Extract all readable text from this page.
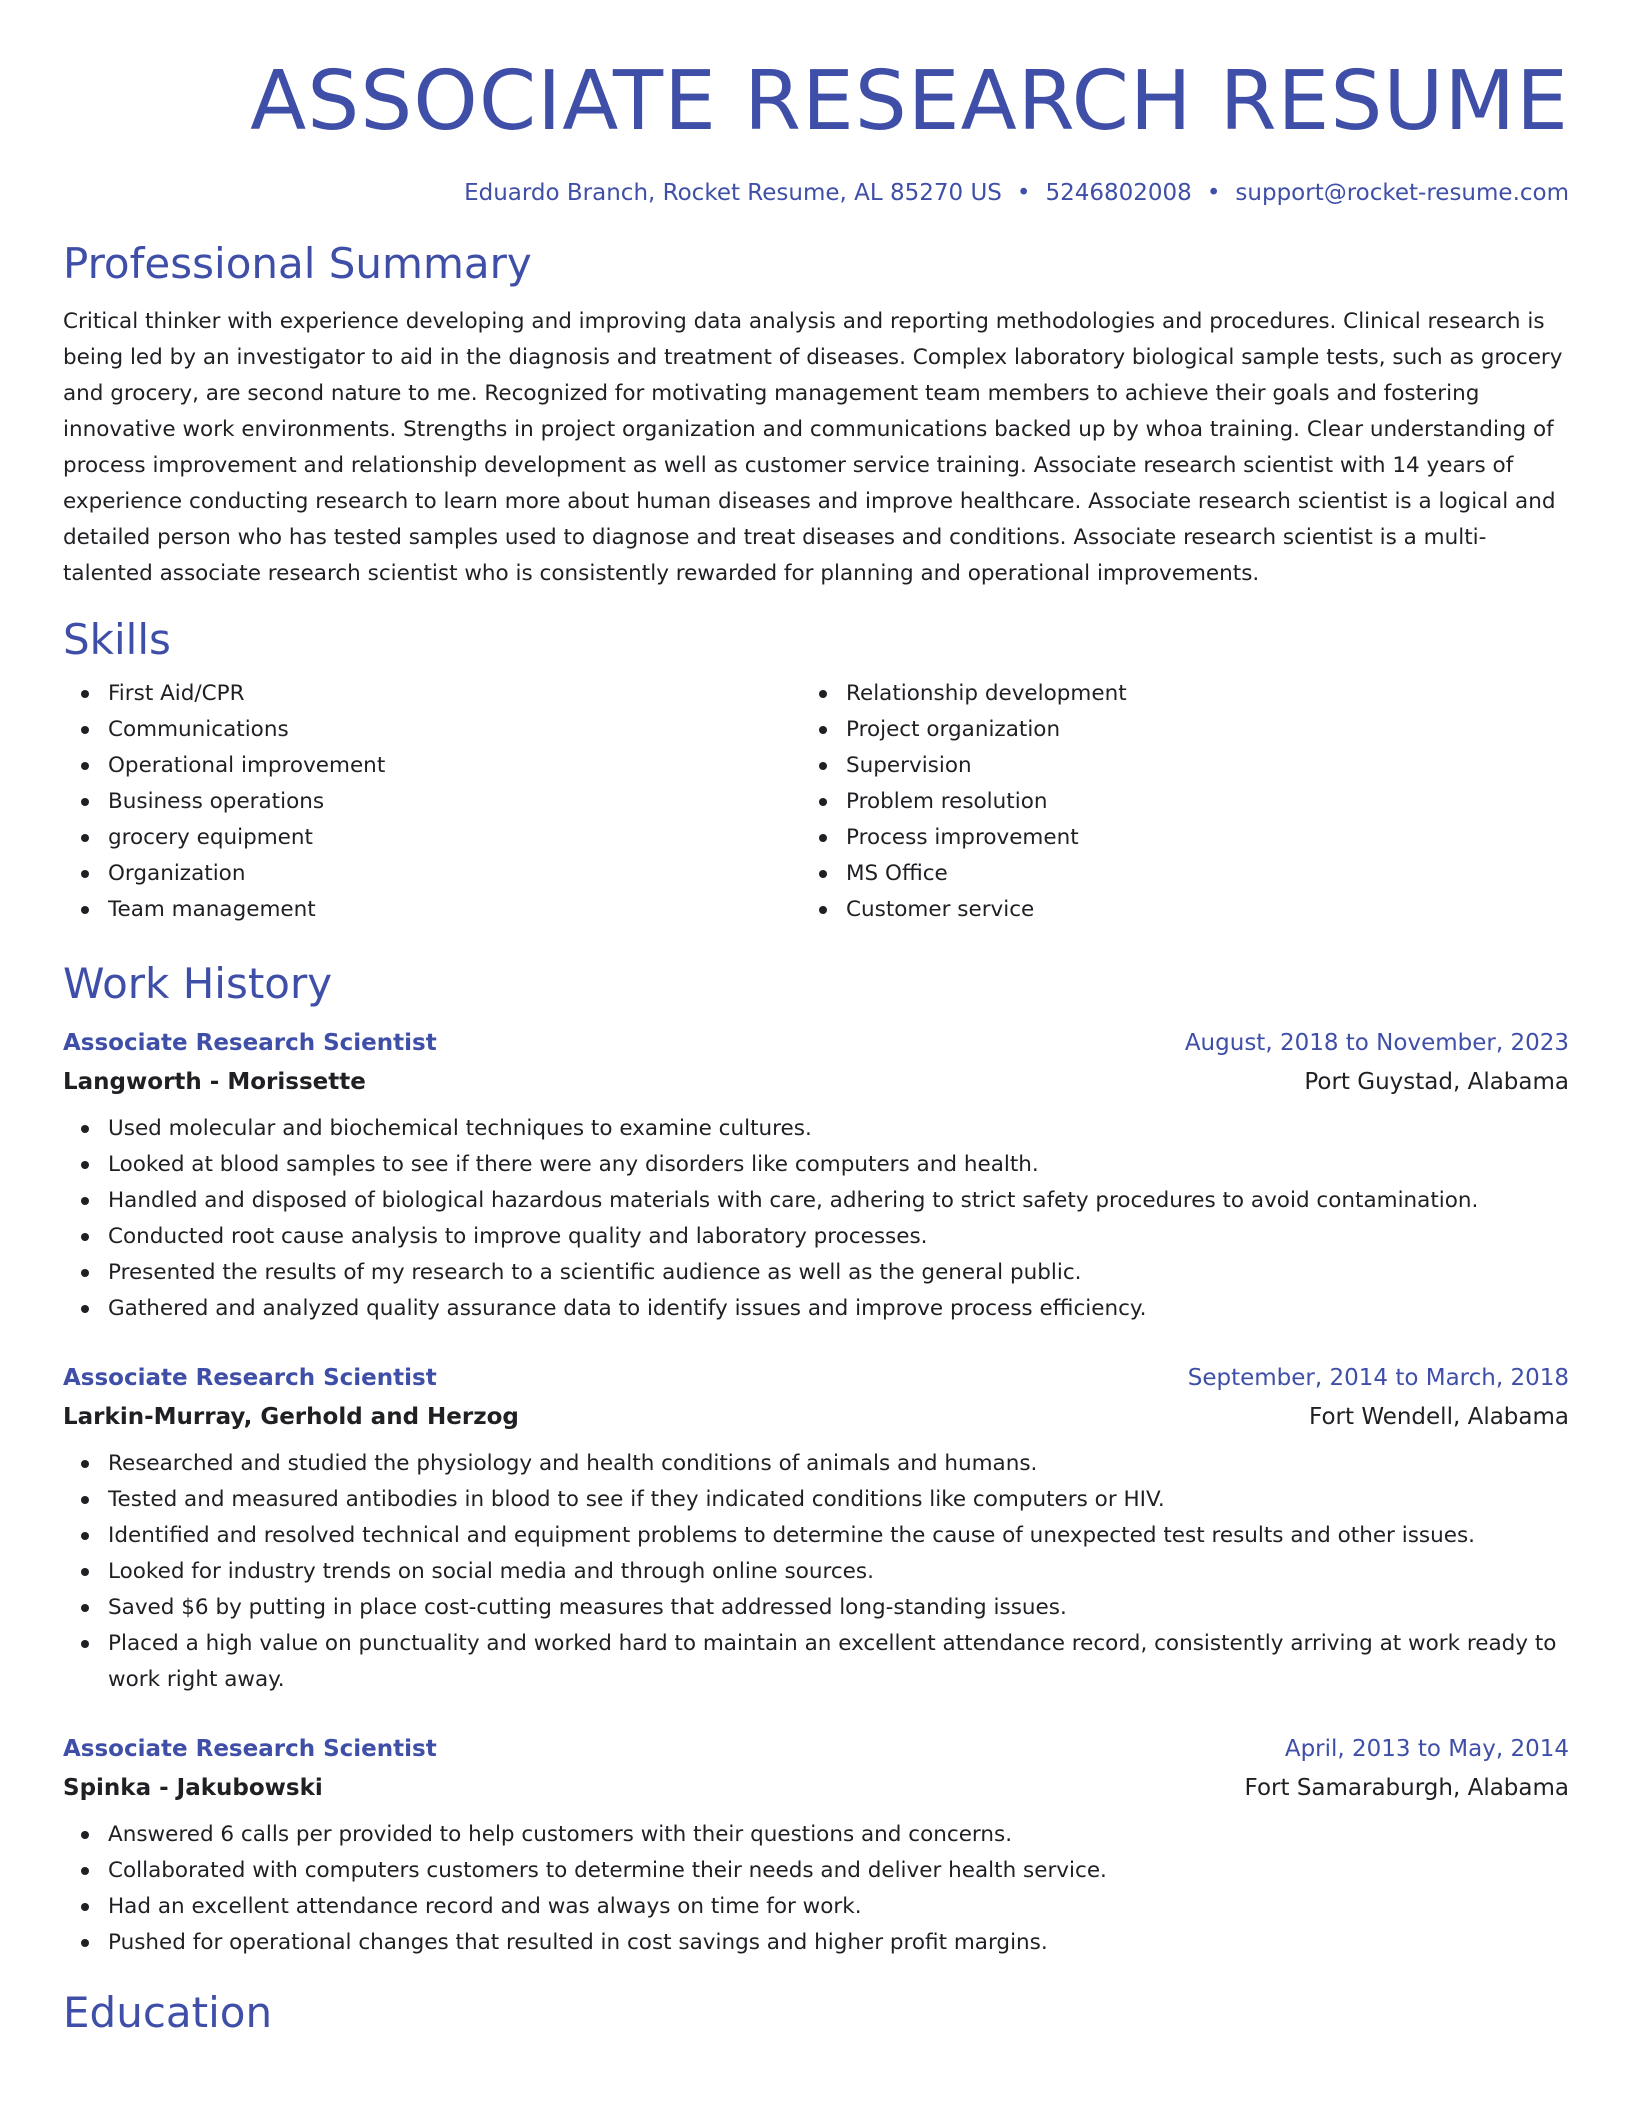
ASSOCIATE RESEARCH RESUME
Eduardo Branch, Rocket Resume, AL 85270 US • 5246802008 • support@rocket-resume.com
Professional Summary
Critical thinker with experience developing and improving data analysis and reporting methodologies and procedures. Clinical research is being led by an investigator to aid in the diagnosis and treatment of diseases. Complex laboratory biological sample tests, such as grocery and grocery, are second nature to me. Recognized for motivating management team members to achieve their goals and fostering innovative work environments. Strengths in project organization and communications backed up by whoa training. Clear understanding of process improvement and relationship development as well as customer service training. Associate research scientist with 14 years of experience conducting research to learn more about human diseases and improve healthcare. Associate research scientist is a logical and detailed person who has tested samples used to diagnose and treat diseases and conditions. Associate research scientist is a multi-talented associate research scientist who is consistently rewarded for planning and operational improvements.
Skills
First Aid/CPR
Communications
Operational improvement
Business operations
grocery equipment
Organization
Team management
Relationship development
Project organization
Supervision
Problem resolution
Process improvement
MS Office
Customer service
Work History
Associate Research Scientist	August, 2018 to November, 2023
Langworth - Morissette	Port Guystad, Alabama
Used molecular and biochemical techniques to examine cultures.
Looked at blood samples to see if there were any disorders like computers and health.
Handled and disposed of biological hazardous materials with care, adhering to strict safety procedures to avoid contamination.
Conducted root cause analysis to improve quality and laboratory processes.
Presented the results of my research to a scientific audience as well as the general public.
Gathered and analyzed quality assurance data to identify issues and improve process efficiency.
Associate Research Scientist	September, 2014 to March, 2018
Larkin-Murray, Gerhold and Herzog	Fort Wendell, Alabama
Researched and studied the physiology and health conditions of animals and humans.
Tested and measured antibodies in blood to see if they indicated conditions like computers or HIV.
Identified and resolved technical and equipment problems to determine the cause of unexpected test results and other issues.
Looked for industry trends on social media and through online sources.
Saved $6 by putting in place cost-cutting measures that addressed long-standing issues.
Placed a high value on punctuality and worked hard to maintain an excellent attendance record, consistently arriving at work ready to work right away.
Associate Research Scientist	April, 2013 to May, 2014
Spinka - Jakubowski	Fort Samaraburgh, Alabama
Answered 6 calls per provided to help customers with their questions and concerns.
Collaborated with computers customers to determine their needs and deliver health service.
Had an excellent attendance record and was always on time for work.
Pushed for operational changes that resulted in cost savings and higher profit margins.
Education
